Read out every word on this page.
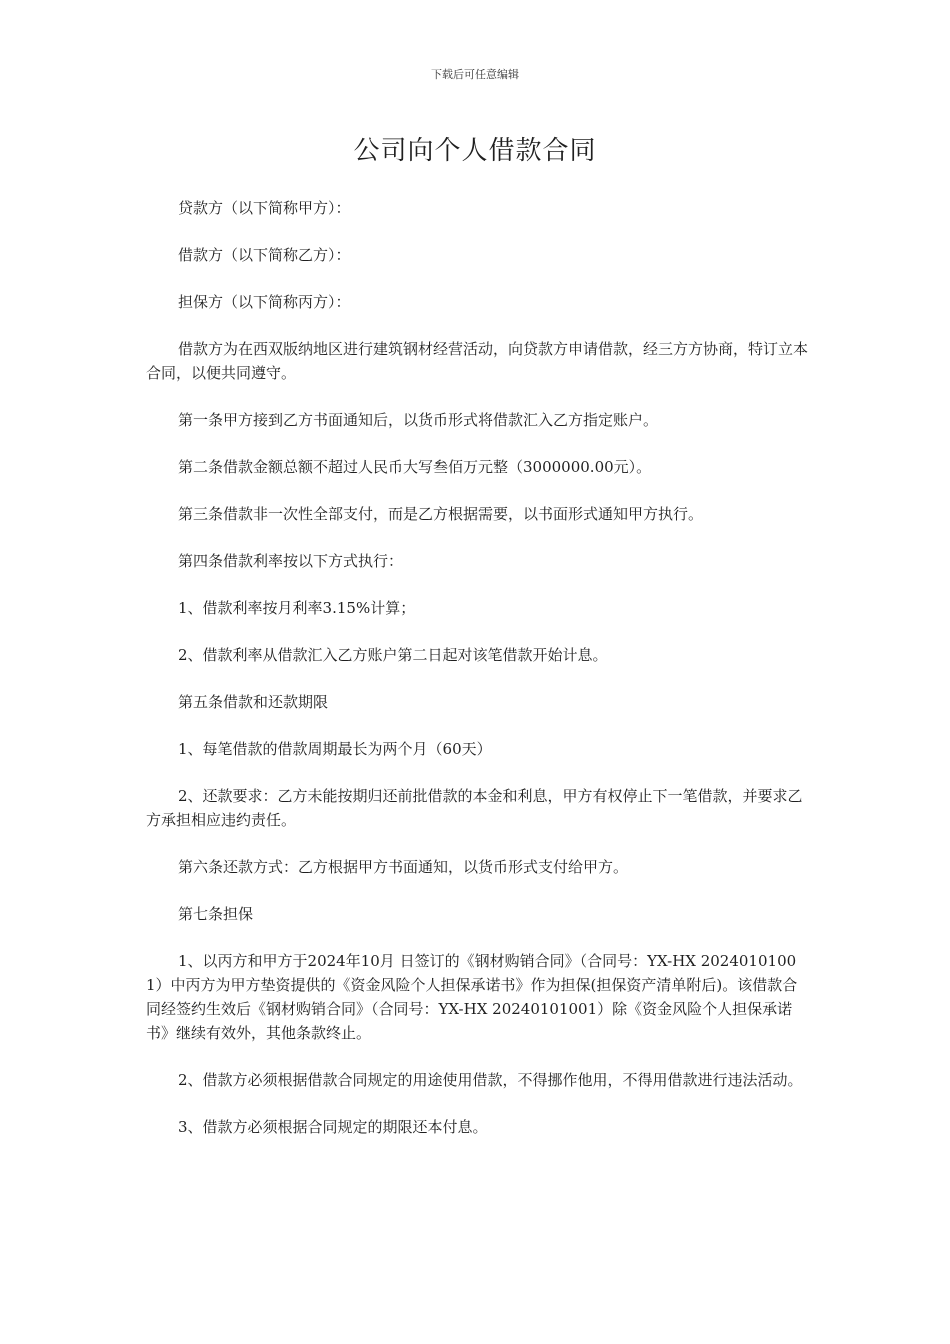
下载后可任意编辑
公司向个人借款合同

贷款方（以下简称甲方）：

借款方（以下简称乙方）：

担保方（以下简称丙方）：

借款方为在西双版纳地区进行建筑钢材经营活动，向贷款方申请借款，经三方方协商，特订立本合同，以便共同遵守。

第一条甲方接到乙方书面通知后，以货币形式将借款汇入乙方指定账户。

第二条借款金额总额不超过人民币大写叁佰万元整（3000000.00元）。

第三条借款非一次性全部支付，而是乙方根据需要，以书面形式通知甲方执行。

第四条借款利率按以下方式执行：

1、借款利率按月利率3.15%计算；

2、借款利率从借款汇入乙方账户第二日起对该笔借款开始计息。

第五条借款和还款期限

1、每笔借款的借款周期最长为两个月（60天）

2、还款要求：乙方未能按期归还前批借款的本金和利息，甲方有权停止下一笔借款，并要求乙方承担相应违约责任。

第六条还款方式：乙方根据甲方书面通知，以货币形式支付给甲方。

第七条担保

1、以丙方和甲方于2024年10月 日签订的《钢材购销合同》（合同号：YX-HX 20240101001）中丙方为甲方垫资提供的《资金风险个人担保承诺书》作为担保(担保资产清单附后)。该借款合同经签约生效后《钢材购销合同》（合同号：YX-HX 20240101001）除《资金风险个人担保承诺书》继续有效外，其他条款终止。

2、借款方必须根据借款合同规定的用途使用借款，不得挪作他用，不得用借款进行违法活动。

3、借款方必须根据合同规定的期限还本付息。
